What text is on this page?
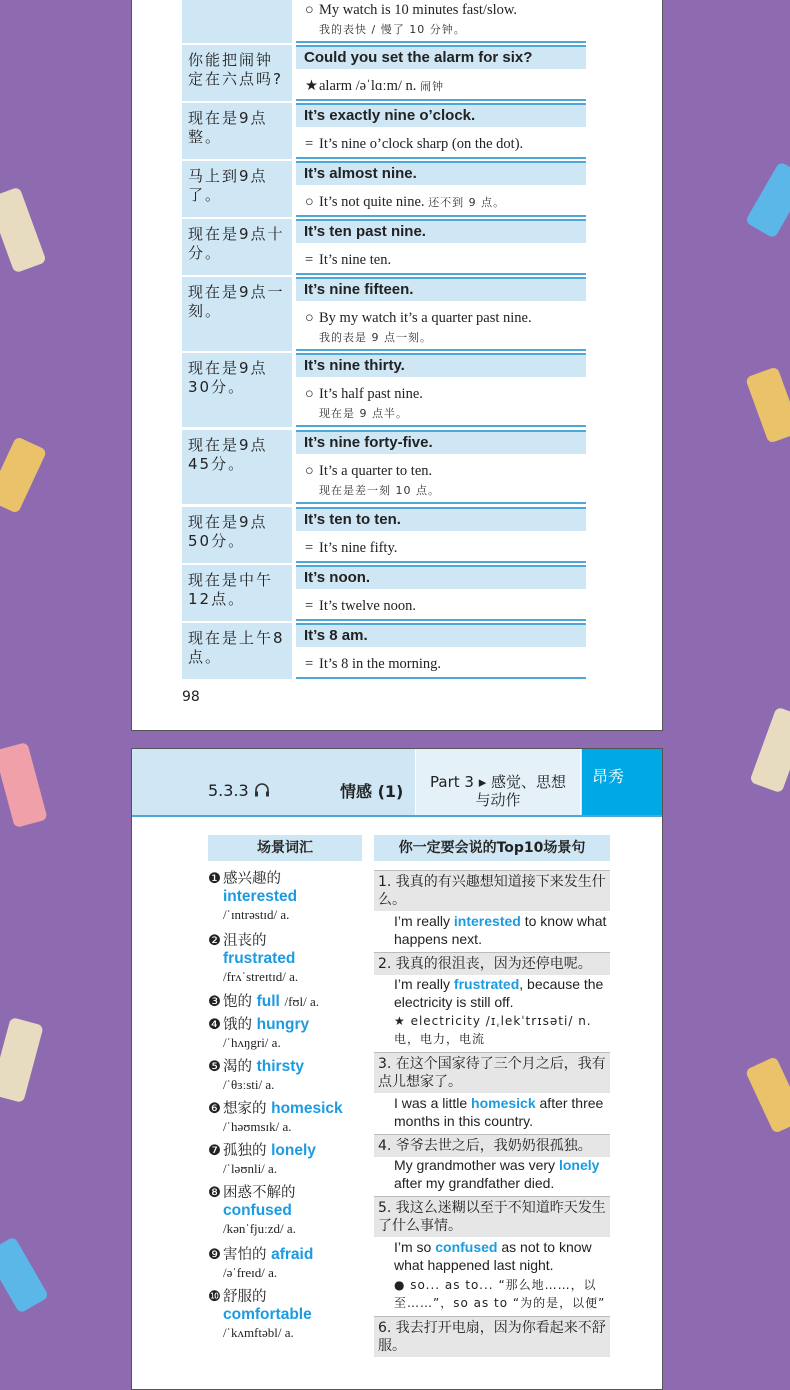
○ My watch is 10 minutes fast/slow.
我的表快 / 慢了 10 分钟。
你能把闹钟定在六点吗?
Could you set the alarm for six?
★alarm /əˈlɑːm/ n. 闹钟
现在是9点整。
It’s exactly nine o’clock.
= It’s nine o’clock sharp (on the dot).
马上到9点了。
It’s almost nine.
○ It’s not quite nine. 还不到 9 点。
现在是9点十分。
It’s ten past nine.
= It’s nine ten.
现在是9点一刻。
It’s nine fifteen.
○ By my watch it’s a quarter past nine.
我的表是 9 点一刻。
现在是9点30分。
It’s nine thirty.
○ It’s half past nine.
现在是 9 点半。
现在是9点45分。
It’s nine forty-five.
○ It’s a quarter to ten.
现在是差一刻 10 点。
现在是9点50分。
It’s ten to ten.
= It’s nine fifty.
现在是中午12点。
It’s noon.
= It’s twelve noon.
现在是上午8点。
It’s 8 am.
= It’s 8 in the morning.
98
5.3.3	情感 (1)	Part 3 ▸ 感觉、思想
与动作
昂秀
场景词汇	你一定要会说的Top10场景句
❶ 感兴趣的
interested
/ˈɪntrəstɪd/ a.
❷ 沮丧的
frustrated
/frʌˈstreɪtɪd/ a.
❸ 饱的 full /fʊl/ a.
❹ 饿的 hungry
/ˈhʌŋgri/ a.
❺ 渴的 thirsty
/ˈθɜːsti/ a.
❻ 想家的 homesick
/ˈhəʊmsɪk/ a.
❼ 孤独的 lonely
/ˈləʊnli/ a.
❽ 困惑不解的
confused
/kənˈfjuːzd/ a.
❾ 害怕的 afraid
/əˈfreɪd/ a.
❿ 舒服的
comfortable
/ˈkʌmftəbl/ a.
1. 我真的有兴趣想知道接下来发生什么。
I’m really interested to know what happens next.
2. 我真的很沮丧，因为还停电呢。
I’m really frustrated, because the electricity is still off.
★ electricity /ɪˌlekˈtrɪsəti/ n. 电，电力，电流
3. 在这个国家待了三个月之后，我有点儿想家了。
I was a little homesick after three months in this country.
4. 爷爷去世之后，我奶奶很孤独。
My grandmother was very lonely after my grandfather died.
5. 我这么迷糊以至于不知道昨天发生了什么事情。
I’m so confused as not to know what happened last night.
● so... as to... “那么地……，以至……”，so as to “为的是，以便”
6. 我去打开电扇，因为你看起来不舒服。
